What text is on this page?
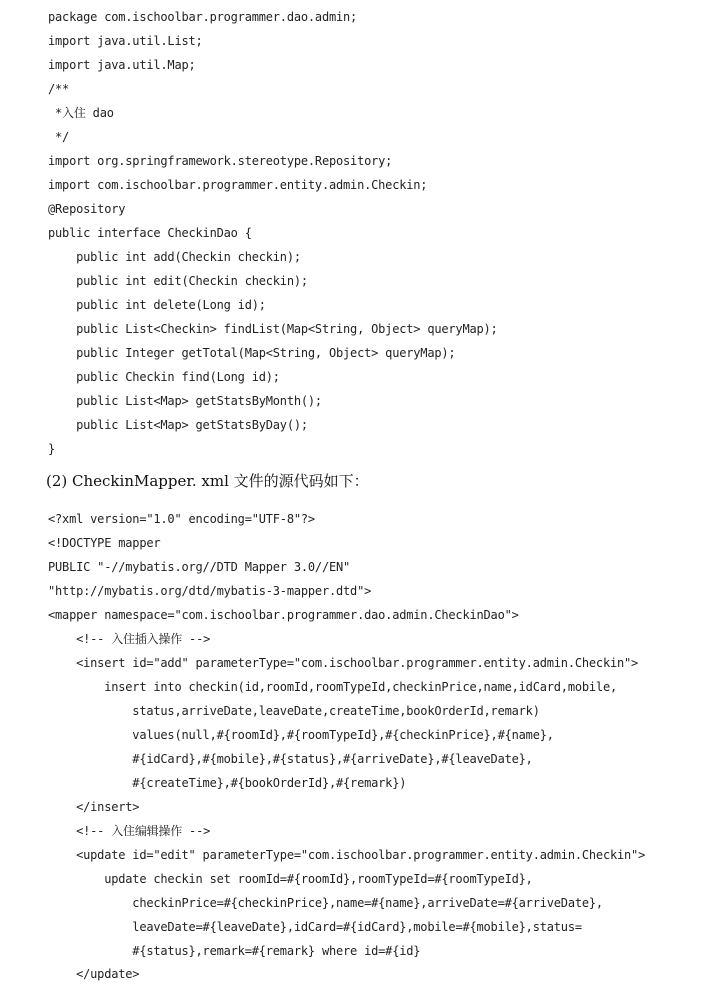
package com.ischoolbar.programmer.dao.admin;
import java.util.List;
import java.util.Map;
/**
*入住 dao
*/
import org.springframework.stereotype.Repository;
import com.ischoolbar.programmer.entity.admin.Checkin;
@Repository
public interface CheckinDao {
public int add(Checkin checkin);
public int edit(Checkin checkin);
public int delete(Long id);
public List<Checkin> findList(Map<String, Object> queryMap);
public Integer getTotal(Map<String, Object> queryMap);
public Checkin find(Long id);
public List<Map> getStatsByMonth();
public List<Map> getStatsByDay();
}
(2) CheckinMapper. xml 文件的源代码如下：
<?xml version="1.0" encoding="UTF-8"?>
<!DOCTYPE mapper
PUBLIC "-//mybatis.org//DTD Mapper 3.0//EN"
"http://mybatis.org/dtd/mybatis-3-mapper.dtd">
<mapper namespace="com.ischoolbar.programmer.dao.admin.CheckinDao">
<!-- 入住插入操作 -->
<insert id="add" parameterType="com.ischoolbar.programmer.entity.admin.Checkin">
insert into checkin(id,roomId,roomTypeId,checkinPrice,name,idCard,mobile,
status,arriveDate,leaveDate,createTime,bookOrderId,remark)
values(null,#{roomId},#{roomTypeId},#{checkinPrice},#{name},
#{idCard},#{mobile},#{status},#{arriveDate},#{leaveDate},
#{createTime},#{bookOrderId},#{remark})
</insert>
<!-- 入住编辑操作 -->
<update id="edit" parameterType="com.ischoolbar.programmer.entity.admin.Checkin">
update checkin set roomId=#{roomId},roomTypeId=#{roomTypeId},
checkinPrice=#{checkinPrice},name=#{name},arriveDate=#{arriveDate},
leaveDate=#{leaveDate},idCard=#{idCard},mobile=#{mobile},status=
#{status},remark=#{remark} where id=#{id}
</update>
